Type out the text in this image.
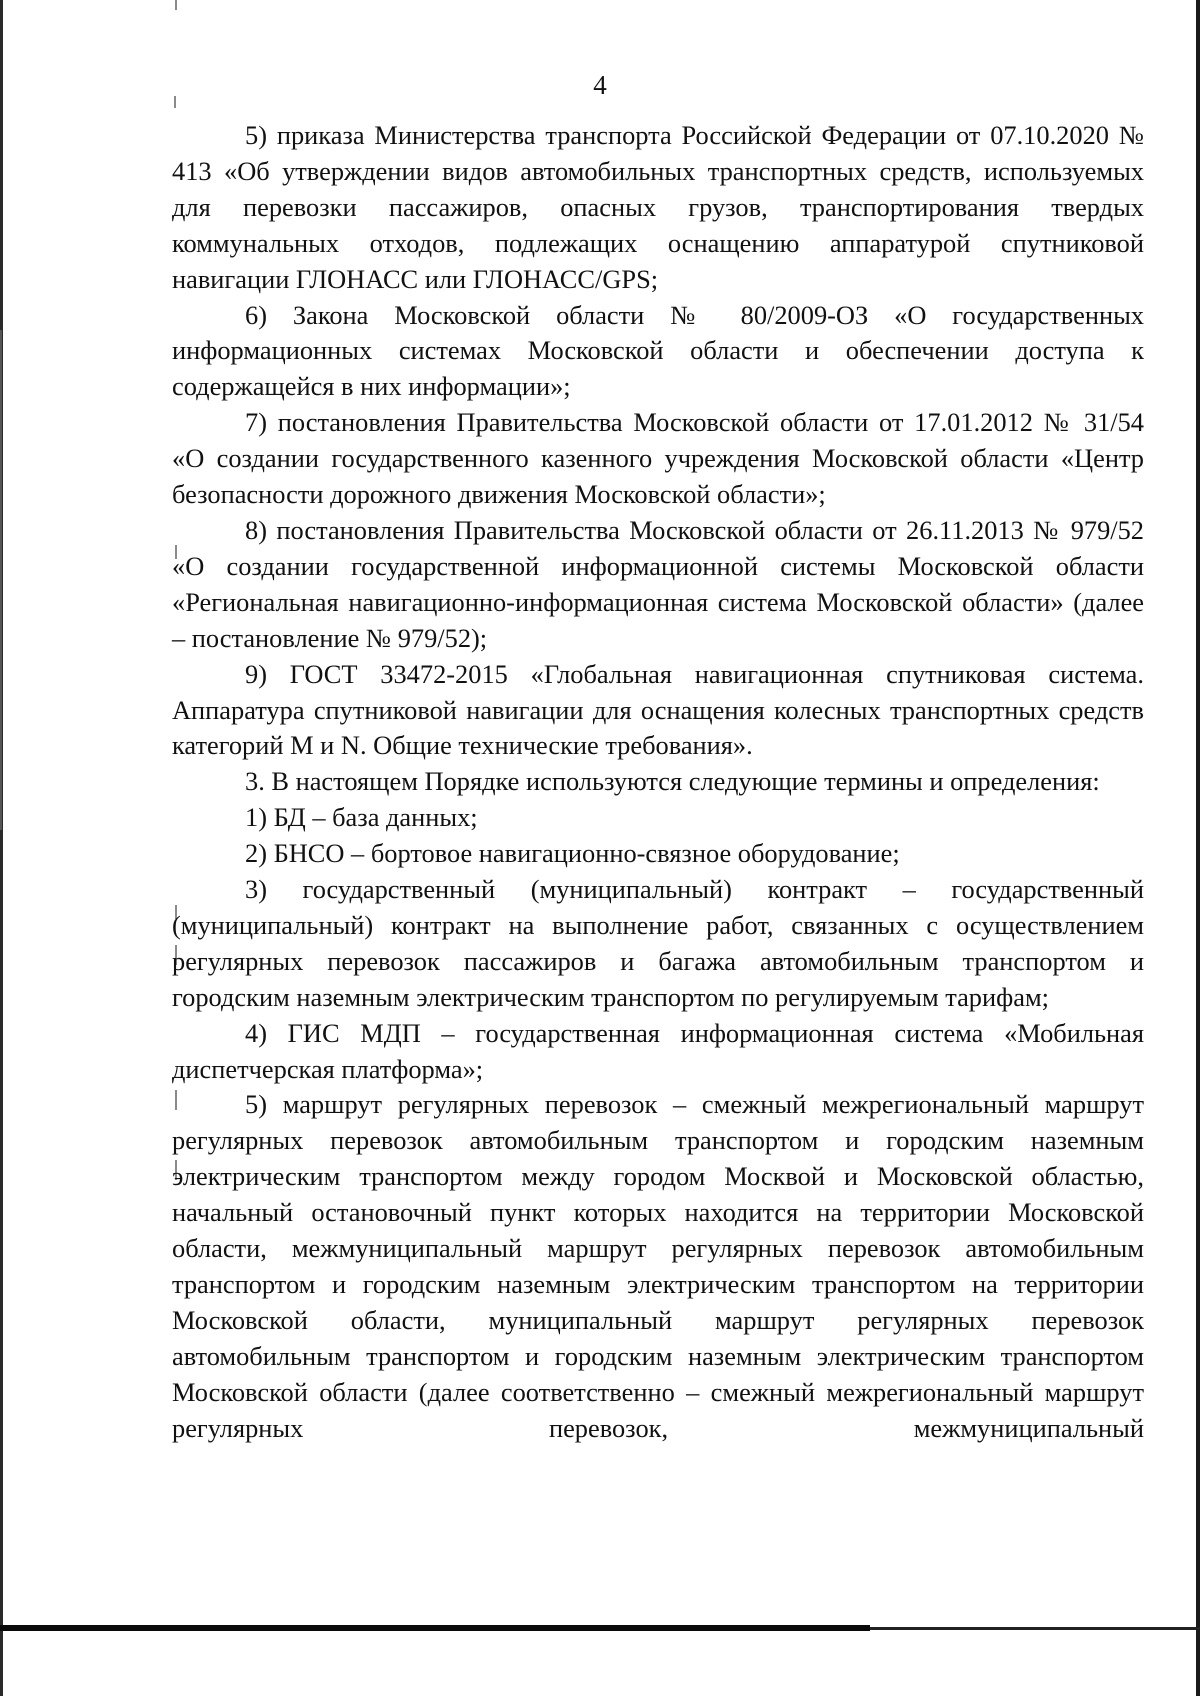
4

5) приказа Министерства транспорта Российской Федерации от 07.10.2020 № 413 «Об утверждении видов автомобильных транспортных средств, используемых для перевозки пассажиров, опасных грузов, транспортирования твердых коммунальных отходов, подлежащих оснащению аппаратурой спутниковой навигации ГЛОНАСС или ГЛОНАСС/GPS;

6) Закона Московской области № 80/2009-ОЗ «О государственных информационных системах Московской области и обеспечении доступа к содержащейся в них информации»;

7) постановления Правительства Московской области от 17.01.2012 № 31/54 «О создании государственного казенного учреждения Московской области «Центр безопасности дорожного движения Московской области»;

8) постановления Правительства Московской области от 26.11.2013 № 979/52 «О создании государственной информационной системы Московской области «Региональная навигационно-информационная система Московской области» (далее – постановление № 979/52);

9) ГОСТ 33472-2015 «Глобальная навигационная спутниковая система. Аппаратура спутниковой навигации для оснащения колесных транспортных средств категорий M и N. Общие технические требования».

3. В настоящем Порядке используются следующие термины и определения:

1) БД – база данных;

2) БНСО – бортовое навигационно-связное оборудование;

3) государственный (муниципальный) контракт – государственный (муниципальный) контракт на выполнение работ, связанных с осуществлением регулярных перевозок пассажиров и багажа автомобильным транспортом и городским наземным электрическим транспортом по регулируемым тарифам;

4) ГИС МДП – государственная информационная система «Мобильная диспетчерская платформа»;

5) маршрут регулярных перевозок – смежный межрегиональный маршрут регулярных перевозок автомобильным транспортом и городским наземным электрическим транспортом между городом Москвой и Московской областью, начальный остановочный пункт которых находится на территории Московской области, межмуниципальный маршрут регулярных перевозок автомобильным транспортом и городским наземным электрическим транспортом на территории Московской области, муниципальный маршрут регулярных перевозок автомобильным транспортом и городским наземным электрическим транспортом Московской области (далее соответственно – смежный межрегиональный маршрут регулярных перевозок, межмуниципальный
